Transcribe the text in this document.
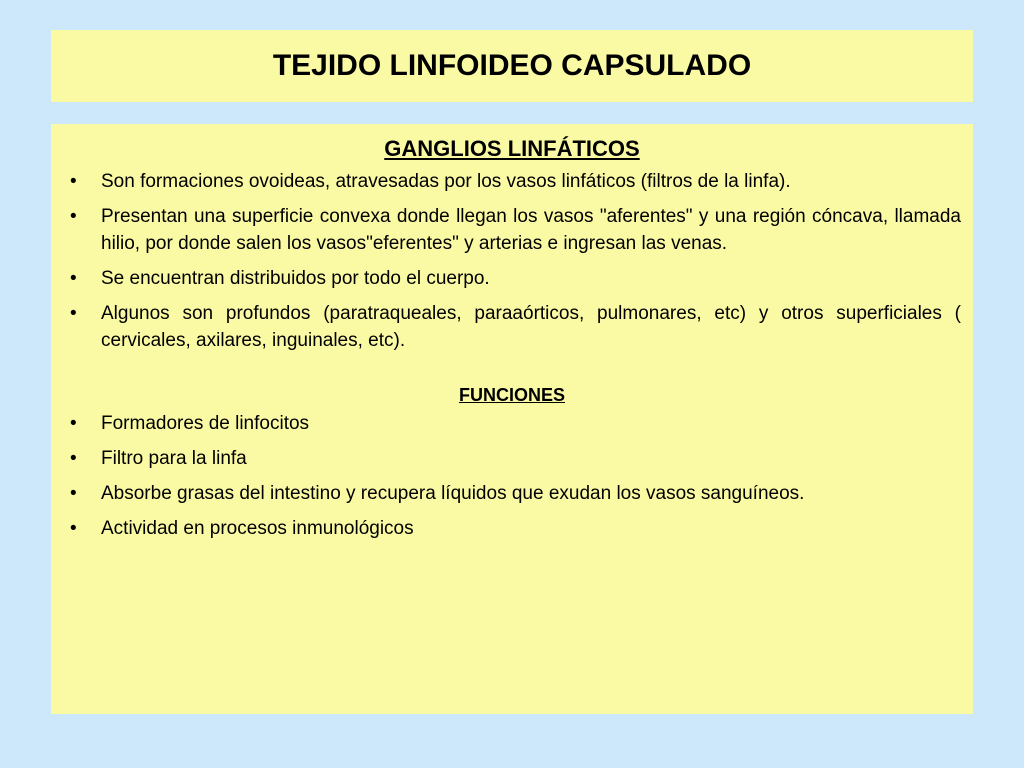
TEJIDO LINFOIDEO CAPSULADO

GANGLIOS LINFÁTICOS

• Son formaciones ovoideas, atravesadas por los vasos linfáticos (filtros de la linfa).
• Presentan una superficie convexa donde llegan los vasos "aferentes" y una región cóncava, llamada hilio, por donde salen los vasos"eferentes" y arterias e ingresan las venas.
• Se encuentran distribuidos por todo el cuerpo.
• Algunos son profundos (paratraqueales, paraaórticos, pulmonares, etc) y otros superficiales ( cervicales, axilares, inguinales, etc).

FUNCIONES

• Formadores de linfocitos
• Filtro para la linfa
• Absorbe grasas del intestino y recupera líquidos que exudan los vasos sanguíneos.
• Actividad en procesos inmunológicos
